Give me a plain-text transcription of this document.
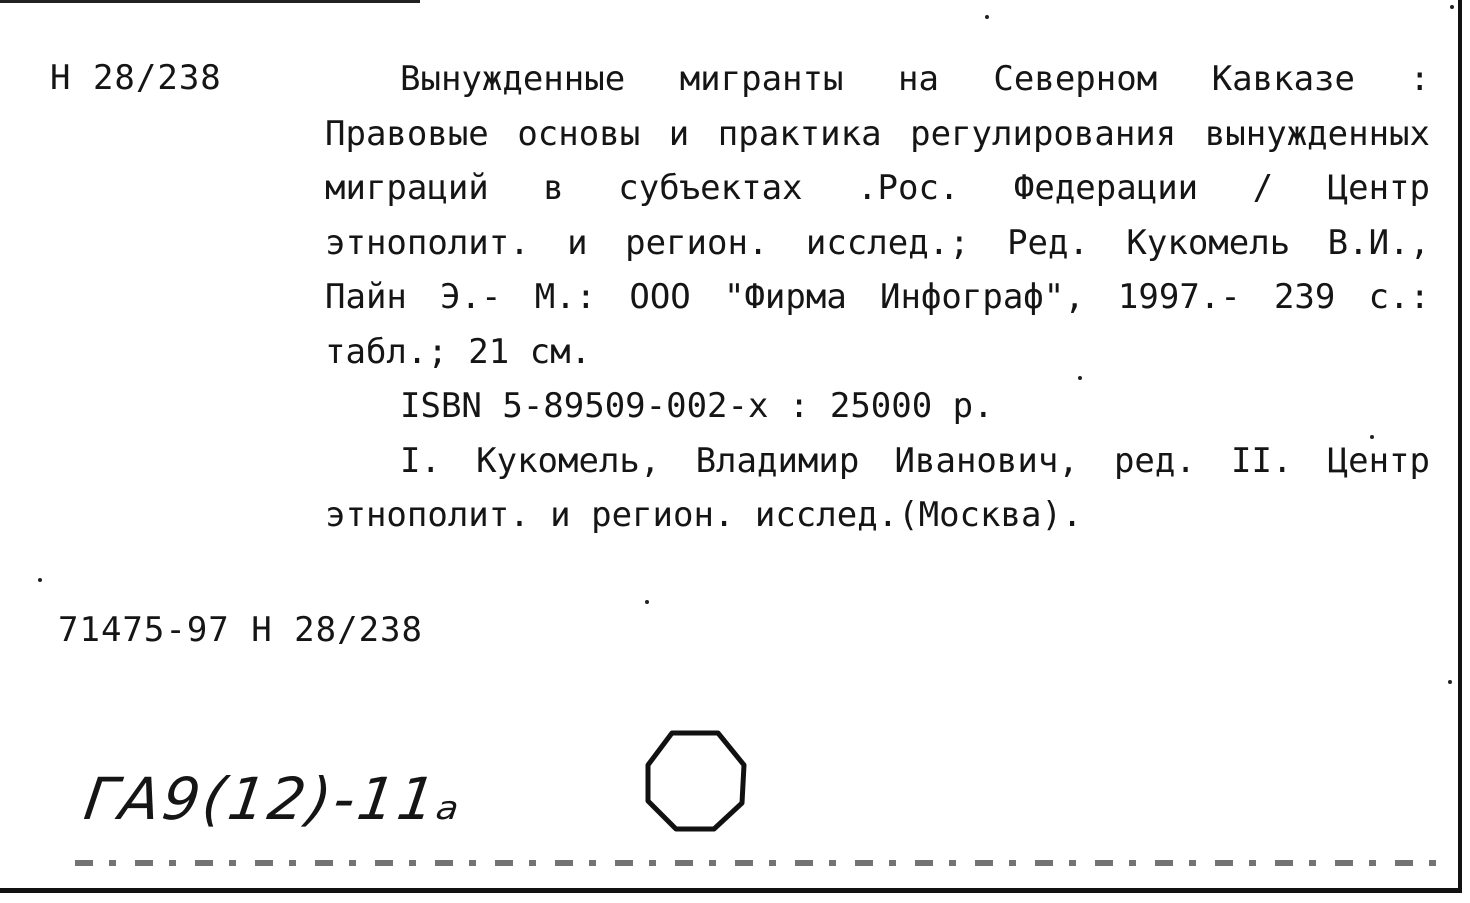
Н 28/238	Вынужденные мигранты на Северном Кавказе : Правовые основы и практика регулирования вынужденных миграций в субъектах .Рос. Федерации / Центр этнополит. и регион. исслед.; Ред. Кукомель В.И., Пайн Э.- М.: ООО "Фирма Инфограф", 1997.- 239 с.: табл.; 21 см.

ISBN 5-89509-002-х : 25000 р.

I. Кукомель, Владимир Иванович, ред. II. Центр этнополит. и регион. исслед.(Москва).

71475-97 Н 28/238
ГА9(12)-11ₐ
